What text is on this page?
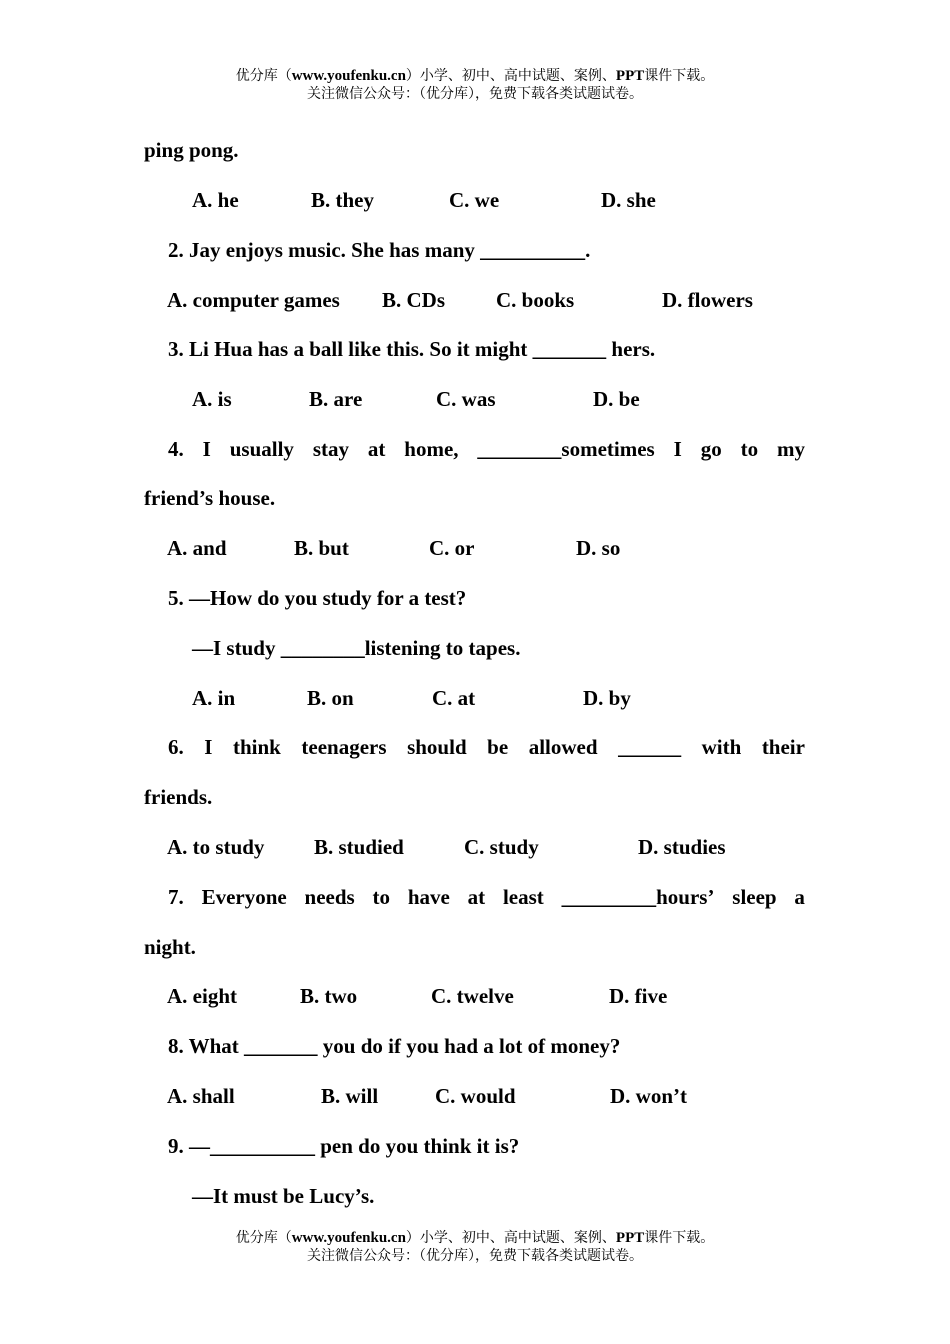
优分库（www.youfenku.cn）小学、初中、高中试题、案例、PPT课件下载。
关注微信公众号：（优分库），免费下载各类试题试卷。
ping pong.
A. he	B. they	C. we	D. she
2. Jay enjoys music. She has many __________.
A. computer games B. CDs C. books	D. flowers
3. Li Hua has a ball like this. So it might _______ hers.
A. is	B. are	C. was	D. be
4. I usually stay at home, ________sometimes I go to my
friend’s house.
A. and	B. but	C. or	D. so
5. —How do you study for a test?
—I study ________listening to tapes.
A. in	B. on	C. at	D. by
6. I think teenagers should be allowed ______ with their
friends.
A. to study B. studied	C. study	D. studies
7. Everyone needs to have at least _________hours’ sleep a
night.
A. eight	B. two	C. twelve	D. five
8. What _______ you do if you had a lot of money?
A. shall	B. will	C. would	D. won’t
9. —__________ pen do you think it is?
—It must be Lucy’s.
优分库（www.youfenku.cn）小学、初中、高中试题、案例、PPT课件下载。
关注微信公众号：（优分库），免费下载各类试题试卷。
